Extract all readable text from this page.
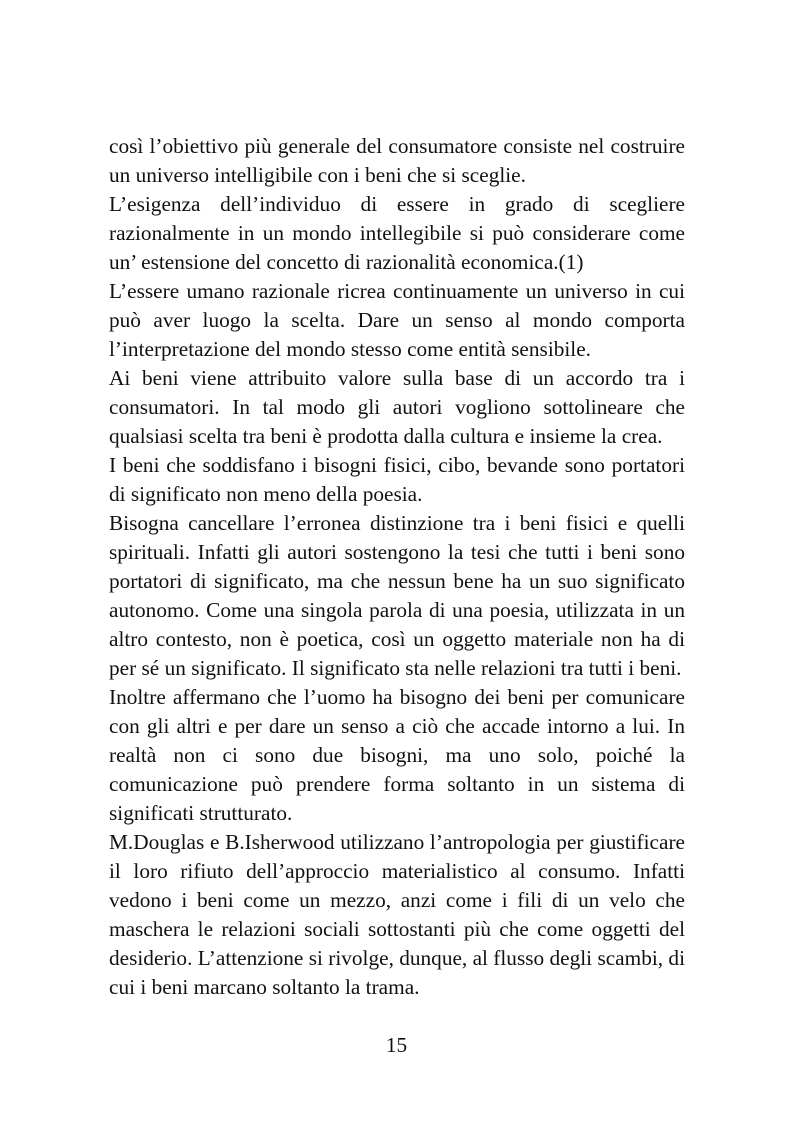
così l’obiettivo più generale del consumatore consiste nel costruire un universo intelligibile con i beni che si sceglie.

L’esigenza dell’individuo di essere in grado di scegliere razionalmente in un mondo intellegibile si può considerare come un’ estensione del concetto di razionalità economica.(1)

L’essere umano razionale ricrea continuamente un universo in cui può aver luogo la scelta. Dare un senso al mondo comporta l’interpretazione del mondo stesso come entità sensibile.

Ai beni viene attribuito valore sulla base di un accordo tra i consumatori. In tal modo gli autori vogliono sottolineare che qualsiasi scelta tra beni è prodotta dalla cultura e insieme la crea.

I beni che soddisfano i bisogni fisici, cibo, bevande sono portatori di significato non meno della poesia.

Bisogna cancellare l’erronea distinzione tra i beni fisici e quelli spirituali. Infatti gli autori sostengono la tesi che tutti i beni sono portatori di significato, ma che nessun bene ha un suo significato autonomo. Come una singola parola di una poesia, utilizzata in un altro contesto, non è poetica, così un oggetto materiale non ha di per sé un significato. Il significato sta nelle relazioni tra tutti i beni.

Inoltre affermano che l’uomo ha bisogno dei beni per comunicare con gli altri e per dare un senso a ciò che accade intorno a lui. In realtà non ci sono due bisogni, ma uno solo, poiché la comunicazione può prendere forma soltanto in un sistema di significati strutturato.

M.Douglas e B.Isherwood utilizzano l’antropologia per giustificare il loro rifiuto dell’approccio materialistico al consumo. Infatti vedono i beni come un mezzo, anzi come i fili di un velo che maschera le relazioni sociali sottostanti più che come oggetti del desiderio. L’attenzione si rivolge, dunque, al flusso degli scambi, di cui i beni marcano soltanto la trama.

15
